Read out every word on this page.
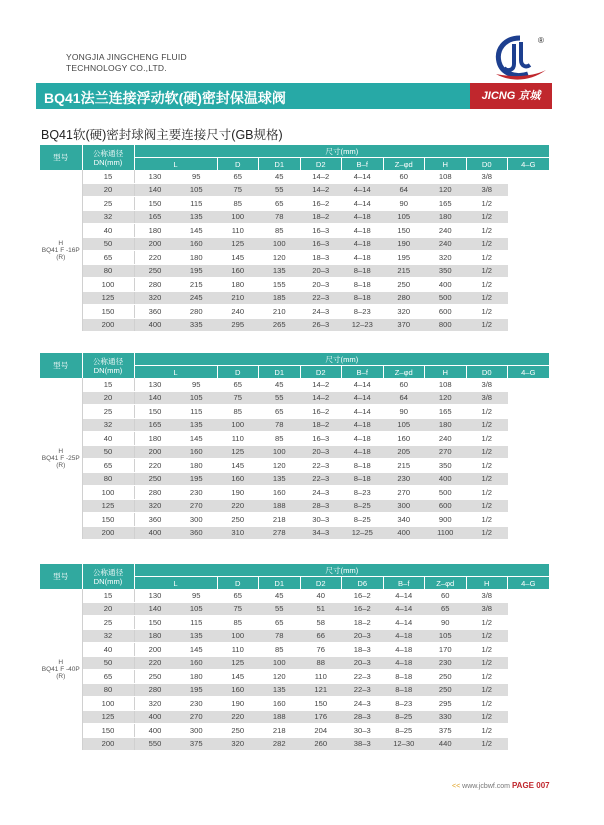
YONGJIA JINGCHENG FLUID
TECHNOLOGY CO.,LTD.
®
BQ41法兰连接浮动软(硬)密封保温球阀	JICNG 京城
BQ41软(硬)密封球阀主要连接尺寸(GB规格)
型号	公称通径
DN(mm)	尺寸(mm)									
		L		D	D1	D2	B–f	Z–φd	H	D0	4–G

H
BQ41 F -16P
(R)	15	130	95	65	45	14–2	4–14	60	108	3/8	
	20	140	105	75	55	14–2	4–14	64	120	3/8	
	25	150	115	85	65	16–2	4–14	90	165	1/2	
	32	165	135	100	78	18–2	4–18	105	180	1/2	
	40	180	145	110	85	16–3	4–18	150	240	1/2	
	50	200	160	125	100	16–3	4–18	190	240	1/2	
	65	220	180	145	120	18–3	4–18	195	320	1/2	
	80	250	195	160	135	20–3	8–18	215	350	1/2	
	100	280	215	180	155	20–3	8–18	250	400	1/2	
	125	320	245	210	185	22–3	8–18	280	500	1/2	
	150	360	280	240	210	24–3	8–23	320	600	1/2	
	200	400	335	295	265	26–3	12–23	370	800	1/2	
型号	公称通径
DN(mm)	尺寸(mm)									
		L		D	D1	D2	B–f	Z–φd	H	D0	4–G

H
BQ41 F -25P
(R)	15	130	95	65	45	14–2	4–14	60	108	3/8	
	20	140	105	75	55	14–2	4–14	64	120	3/8	
	25	150	115	85	65	16–2	4–14	90	165	1/2	
	32	165	135	100	78	18–2	4–18	105	180	1/2	
	40	180	145	110	85	16–3	4–18	160	240	1/2	
	50	200	160	125	100	20–3	4–18	205	270	1/2	
	65	220	180	145	120	22–3	8–18	215	350	1/2	
	80	250	195	160	135	22–3	8–18	230	400	1/2	
	100	280	230	190	160	24–3	8–23	270	500	1/2	
	125	320	270	220	188	28–3	8–25	300	600	1/2	
	150	360	300	250	218	30–3	8–25	340	900	1/2	
	200	400	360	310	278	34–3	12–25	400	1100	1/2	
型号	公称通径
DN(mm)	尺寸(mm)									
		L		D	D1	D2	D6	B–f	Z–φd	H	4–G

H
BQ41 F -40P
(R)	15	130	95	65	45	40	16–2	4–14	60	3/8	
	20	140	105	75	55	51	16–2	4–14	65	3/8	
	25	150	115	85	65	58	18–2	4–14	90	1/2	
	32	180	135	100	78	66	20–3	4–18	105	1/2	
	40	200	145	110	85	76	18–3	4–18	170	1/2	
	50	220	160	125	100	88	20–3	4–18	230	1/2	
	65	250	180	145	120	110	22–3	8–18	250	1/2	
	80	280	195	160	135	121	22–3	8–18	250	1/2	
	100	320	230	190	160	150	24–3	8–23	295	1/2	
	125	400	270	220	188	176	28–3	8–25	330	1/2	
	150	400	300	250	218	204	30–3	8–25	375	1/2	
	200	550	375	320	282	260	38–3	12–30	440	1/2	
<< www.jcbwf.com PAGE 007
